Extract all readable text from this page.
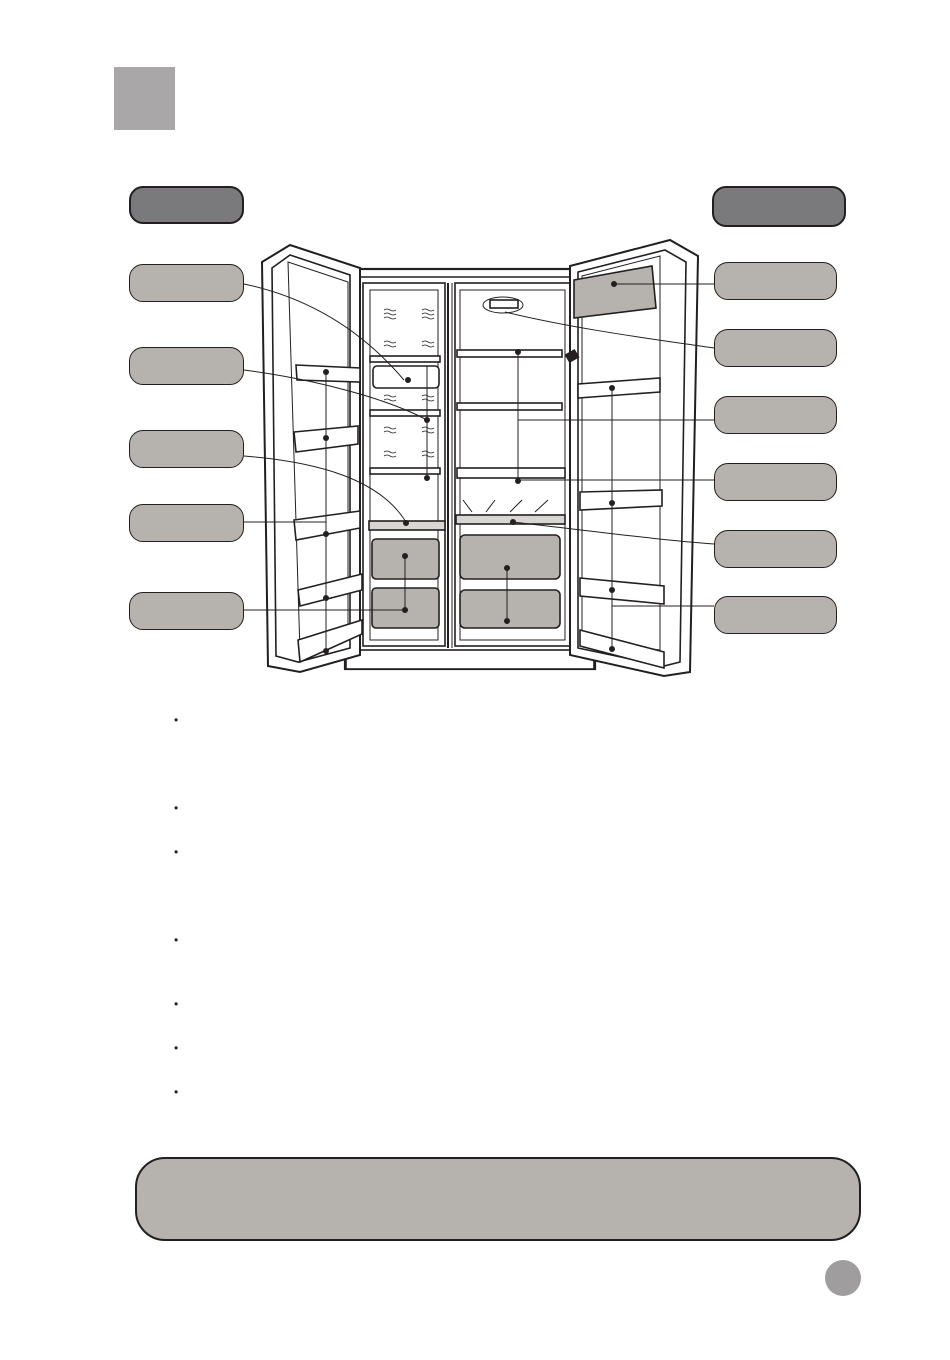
•
•
•
•
•
•
•
